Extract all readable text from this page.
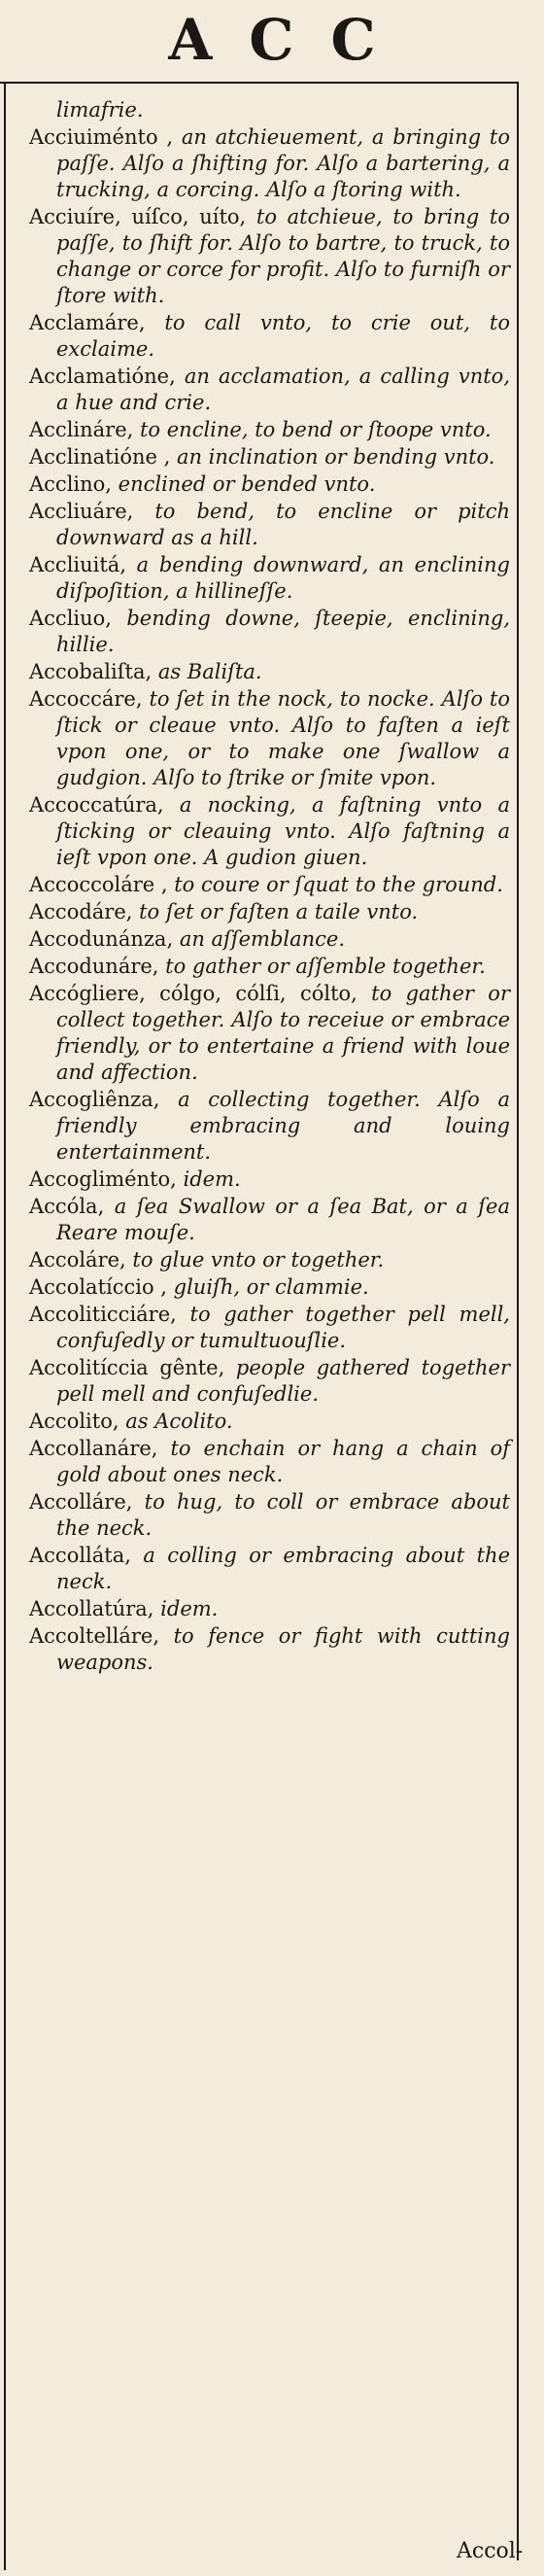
ACC

limafrie.

Acciuiménto , an atchieuement, a bringing to paſſe. Alſo a ſhifting for. Alſo a bartering, a trucking, a corcing. Alſo a ſtoring with.

Acciuíre, uíſco, uíto, to atchieue, to bring to paſſe, to ſhift for. Alſo to bartre, to truck, to change or corce for profit. Alſo to furniſh or ſtore with.

Acclamáre, to call vnto, to crie out, to exclaime.

Acclamatióne, an acclamation, a calling vnto, a hue and crie.

Acclináre, to encline, to bend or ſtoope vnto.

Acclinatióne , an inclination or bending vnto.

Acclino, enclined or bended vnto.

Accliuáre, to bend, to encline or pitch downward as a hill.

Accliuitá, a bending downward, an enclining diſpoſition, a hillineſſe.

Accliuo, bending downe, ſteepie, enclining, hillie.

Accobaliſta, as Baliſta.

Accoccáre, to ſet in the nock, to nocke. Alſo to ſtick or cleaue vnto. Alſo to faſten a ieſt vpon one, or to make one ſwallow a gudgion. Alſo to ſtrike or ſmite vpon.

Accoccatúra, a nocking, a faſtning vnto a ſticking or cleauing vnto. Alſo faſtning a ieſt vpon one. A gudion giuen.

Accoccoláre , to coure or ſquat to the ground.

Accodáre, to ſet or faſten a taile vnto.

Accodunánza, an aſſemblance.

Accodunáre, to gather or aſſemble together.

Accógliere, cólgo, cólſi, cólto, to gather or collect together. Alſo to receiue or embrace friendly, or to entertaine a friend with loue and affection.

Accogliênza, a collecting together. Alſo a friendly embracing and louing entertainment.

Accogliménto, idem.

Accóla, a ſea Swallow or a ſea Bat, or a ſea Reare mouſe.

Accoláre, to glue vnto or together.

Accolatíccio , gluiſh, or clammie.

Accoliticciáre, to gather together pell mell, confuſedly or tumultuouſlie.

Accolitíccia gênte, people gathered together pell mell and confuſedlie.

Accolito, as Acolito.

Accollanáre, to enchain or hang a chain of gold about ones neck.

Accolláre, to hug, to coll or embrace about the neck.

Accolláta, a colling or embracing about the neck.

Accollatúra, idem.

Accoltelláre, to fence or fight with cutting weapons.

Accol-
